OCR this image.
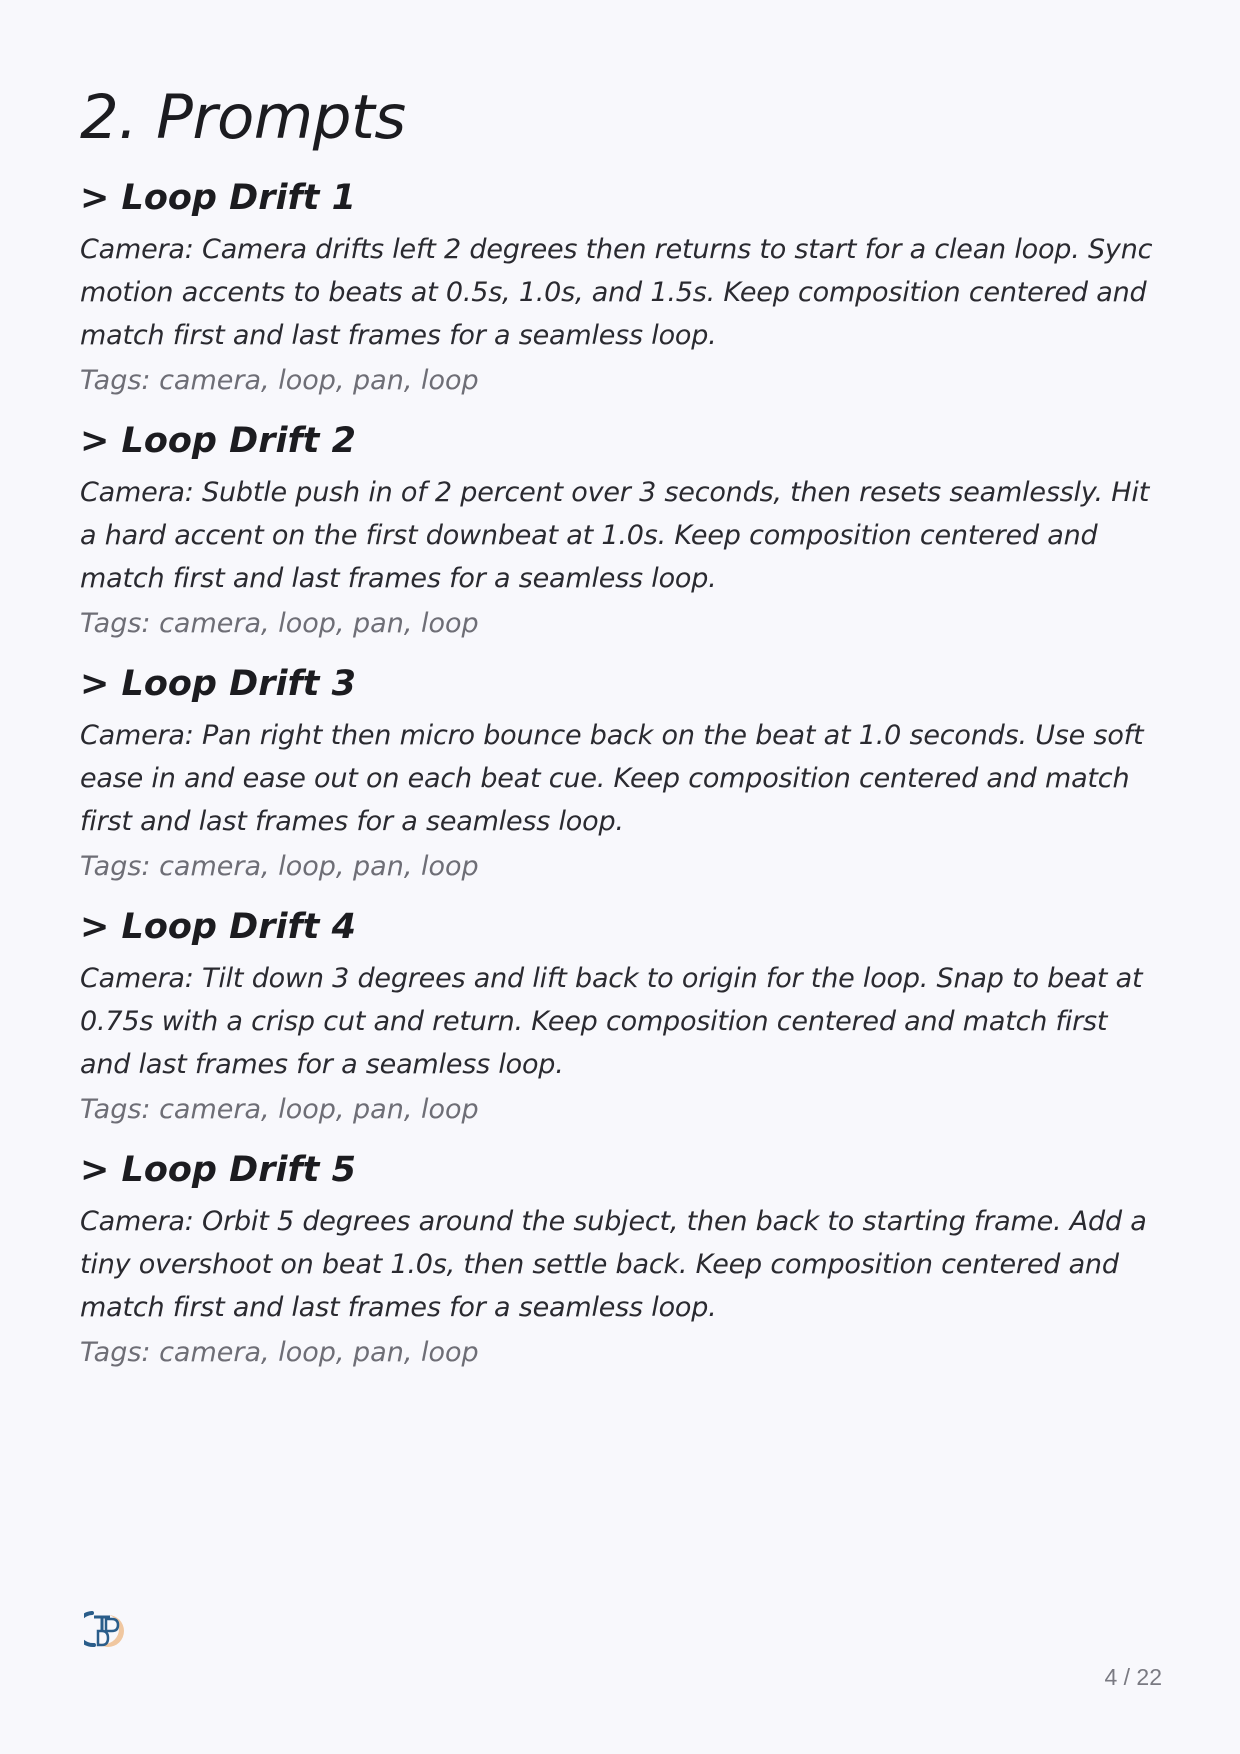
2. Prompts
> Loop Drift 1

Camera: Camera drifts left 2 degrees then returns to start for a clean loop. Sync motion accents to beats at 0.5s, 1.0s, and 1.5s. Keep composition centered and match first and last frames for a seamless loop.

Tags: camera, loop, pan, loop

> Loop Drift 2

Camera: Subtle push in of 2 percent over 3 seconds, then resets seamlessly. Hit a hard accent on the first downbeat at 1.0s. Keep composition centered and match first and last frames for a seamless loop.

Tags: camera, loop, pan, loop

> Loop Drift 3

Camera: Pan right then micro bounce back on the beat at 1.0 seconds. Use soft ease in and ease out on each beat cue. Keep composition centered and match first and last frames for a seamless loop.

Tags: camera, loop, pan, loop

> Loop Drift 4

Camera: Tilt down 3 degrees and lift back to origin for the loop. Snap to beat at 0.75s with a crisp cut and return. Keep composition centered and match first and last frames for a seamless loop.

Tags: camera, loop, pan, loop

> Loop Drift 5

Camera: Orbit 5 degrees around the subject, then back to starting frame. Add a tiny overshoot on beat 1.0s, then settle back. Keep composition centered and match first and last frames for a seamless loop.

Tags: camera, loop, pan, loop

4 / 22
